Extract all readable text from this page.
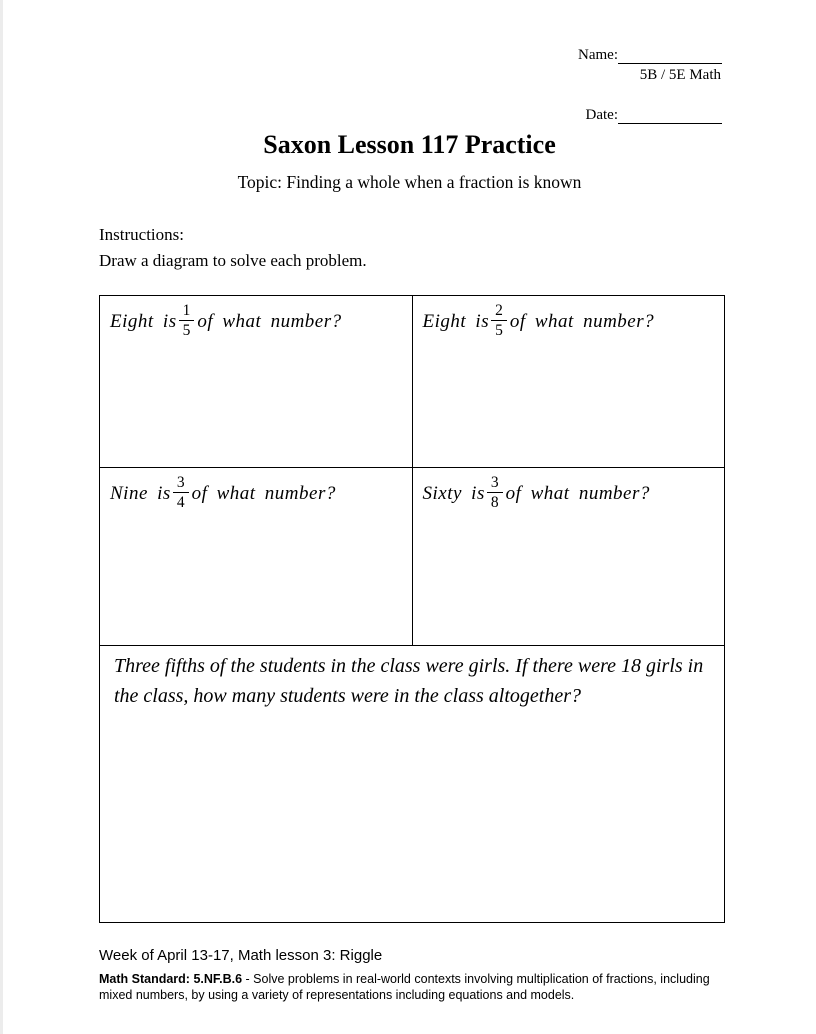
Name:
5B / 5E Math
Date:
Saxon Lesson 117 Practice
Topic: Finding a whole when a fraction is known
Instructions:
Draw a diagram to solve each problem.
Eight is $\frac{1}{5}$ of what number?	Eight is $\frac{2}{5}$ of what number?

Nine is $\frac{3}{4}$ of what number?	Sixty is $\frac{3}{8}$ of what number?

Three fifths of the students in the class were girls. If there were 18 girls in the class, how many students were in the class altogether?	
Week of April 13-17, Math lesson 3: Riggle
Math Standard: 5.NF.B.6 - Solve problems in real-world contexts involving multiplication of fractions, including mixed numbers, by using a variety of representations including equations and models.
